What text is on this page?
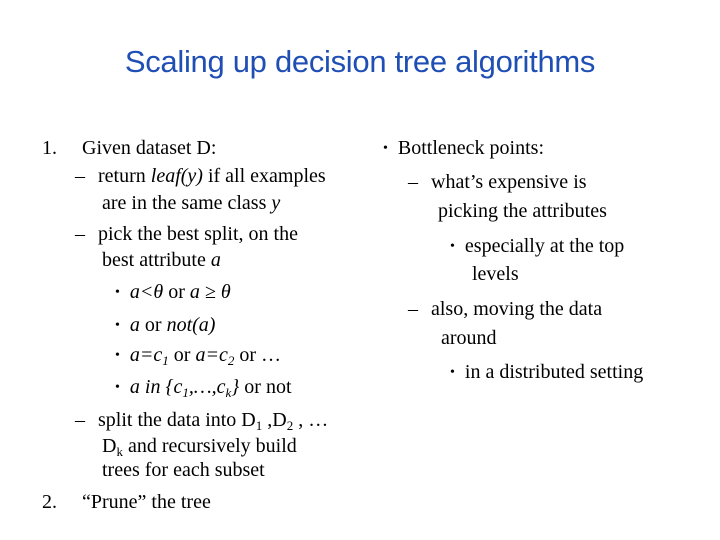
Scaling up decision tree algorithms
1. Given dataset D:
– return leaf(y) if all examples
are in the same class y
– pick the best split, on the
best attribute a
• a<θ or a ≥ θ
• a or not(a)
• $a=c_1$ or $a=c_2$ or …
• a in $\{c_1,\dots,c_k\}$ or not
– split the data into $D_1$ $,D_2$ , …
$D_k$ and recursively build
trees for each subset
2. “Prune” the tree
• Bottleneck points:
– what’s expensive is
picking the attributes
• especially at the top
levels
– also, moving the data
around
• in a distributed setting
